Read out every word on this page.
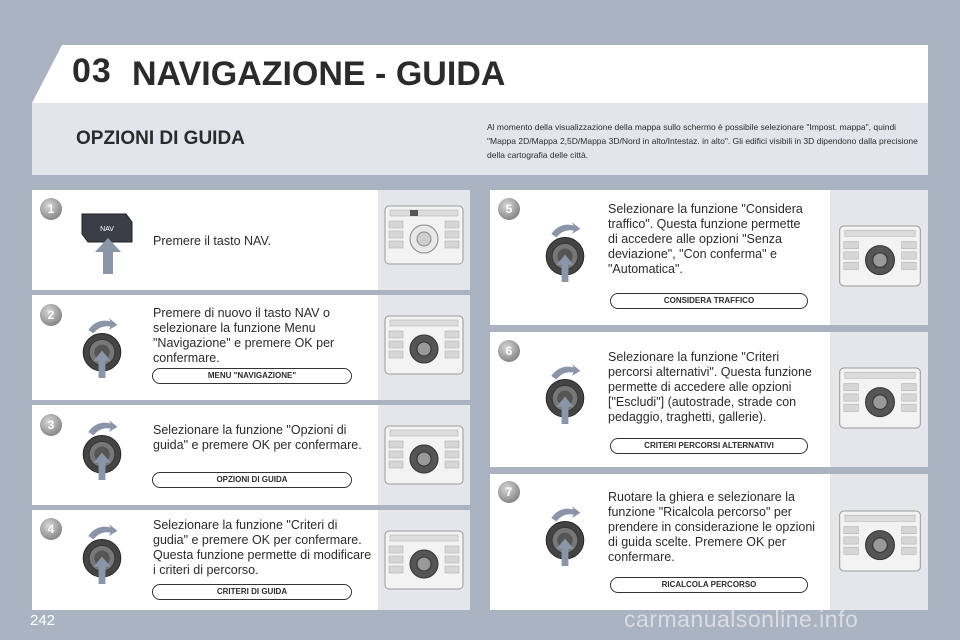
03 NAVIGAZIONE - GUIDA
OPZIONI DI GUIDA
Al momento della visualizzazione della mappa sullo schermo è possibile selezionare "Impost. mappa", quindi "Mappa 2D/Mappa 2,5D/Mappa 3D/Nord in alto/Intestaz. in alto". Gli edifici visibili in 3D dipendono dalla precisione della cartografia delle città.
1
2
3
4
5
6
7
NAV
Premere il tasto NAV.
Premere di nuovo il tasto NAV o selezionare la funzione Menu "Navigazione" e premere OK per confermare.
Selezionare la funzione "Opzioni di guida" e premere OK per confermare.
Selezionare la funzione "Criteri di gudia" e premere OK per confermare. Questa funzione permette di modificare i criteri di percorso.
Selezionare la funzione "Considera traffico". Questa funzione permette di accedere alle opzioni "Senza deviazione", "Con conferma" e "Automatica".
Selezionare la funzione "Criteri percorsi alternativi". Questa funzione permette di accedere alle opzioni ["Escludi"] (autostrade, strade con pedaggio, traghetti, gallerie).
Ruotare la ghiera e selezionare la funzione "Ricalcola percorso" per prendere in considerazione le opzioni di guida scelte. Premere OK per confermare.
MENU "NAVIGAZIONE"
OPZIONI DI GUIDA
CRITERI DI GUIDA
CONSIDERA TRAFFICO
CRITERI PERCORSI ALTERNATIVI
RICALCOLA PERCORSO
242	carmanualsonline.info
